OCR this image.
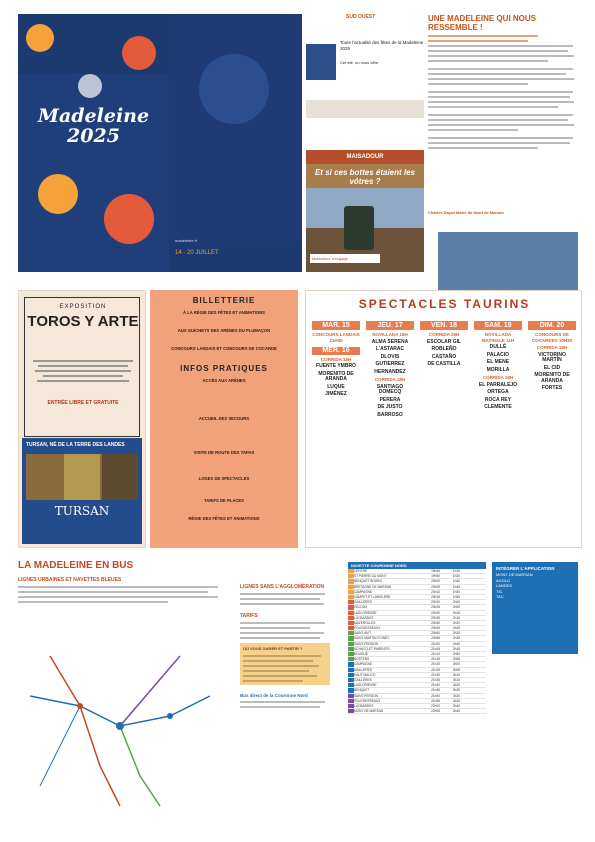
Madeleine
2025
madeleine.fr
14 · 20 JUILLET
SUD OUEST
Toute l'actualité des fêtes de la Madeleine 2025
Cet été, on vous offre
MAISADOUR
Et si ces bottes étaient les vôtres ?
Maisadour s'engage
UNE MADELEINE QUI NOUS RESSEMBLE !
Charles Dayot Maire de Mont de Marsan
EXPOSITION
TOROS Y ARTE
ENTRÉE LIBRE ET GRATUITE
TURSAN, NÉ DE LA TERRE DES LANDES
TURSAN
BILLETTERIE
À LA RÉGIE DES FÊTES ET ANIMATIONS
AUX GUICHETS DES ARÈNES DU PLUMAÇON
CONCOURS LANDAIS ET CONCOURS DE COCARDE
INFOS PRATIQUES
ACCÈS AUX ARÈNES
ACCUEIL DES SECOURS
VISITE DE ROUTE DES TAPAS
LOGES DE SPECTACLES
TARIFS DE PLACES
RÉGIE DES FÊTES ET ANIMATIONS
SPECTACLES TAURINS
MAR. 15
CONCOURS LANDAIS 21H30
MER. 16
CORRIDA 18H
FUENTE YMBRO
MORENITO DE ARANDA
LUQUE
JIMÉNEZ
JEU. 17
NOVILLADA 18H
ALMA SERENA
L'ASTARAC
DLOVIS
GUTIERREZ
HERNANDEZ
CORRIDA 18H
SANTIAGO DOMECQ
PERERA
DE JUSTO
BARROSO
VEN. 18
CORRIDA 18H
ESCOLAR GIL
ROBLEÑO
CASTAÑO
DE CASTILLA
SAM. 19
NOVILLADA MATINALE 11H
DULLÉ
PALACIO
EL MENE
MORILLA
CORRIDA 18H
EL PARRALEJO
ORTEGA
ROCA REY
CLEMENTE
DIM. 20
CONCOURS DE COCARDES 10H30
CORRIDA 18H
VICTORINO MARTÍN
EL CID
MORENITO DE ARANDA
FORTES
LA MADELEINE EN BUS
LIGNES URBAINES ET NAVETTES BLEUES
LIGNES SANS L'AGGLOMÉRATION
TARIFS
OÙ VOUS GARER ET PARTIR ?
Bus direct de la Couronne Nord
NAVETTE COURONNE NORD
CENTRE	19h45	1h25
ST PIERRE DU MONT	19h50	1h30
BENQUET BOURG	20h00	1h40
BRETAGNE DE MARSAN	20h05	1h45
CAMPAGNE	20h10	1h50
CAMPET-ET-LAMOLÈRE	20h15	1h55
GAILLÈRES	20h20	2h00
GELOUX	20h25	2h05
LAGLORIEUSE	20h30	2h10
LUCBARDEZ	20h35	2h15
MAZEROLLES	20h40	2h20
POUYDESSEAUX	20h45	2h25
SAINT-AVIT	20h50	2h30
SAINT-MARTIN D'ONEY	20h55	2h35
SAINT-PERDON	21h00	2h40
UCHACQ-ET-PARENTIS	21h05	2h45
BOUGUE	21h10	2h50
BOSTENS	21h15	2h55
CAMPAGNE	21h20	3h00
MAILLÈRES	21h25	3h05
HAUT MAUCO	21h30	3h10
GAILLÈRES	21h35	3h15
LAGLORIEUSE	21h40	3h20
BENQUET	21h45	3h25
SAINT-PERDON	21h50	3h30
POUYDESSEAUX	21h55	3h35
LUCBARDEZ	22h00	3h40
MONT DE MARSAN	22h05	3h45
INTÉGRER L'APPLICATION
MONT DE MARSAN
AGGLO
LANDES
TIC
TAC
